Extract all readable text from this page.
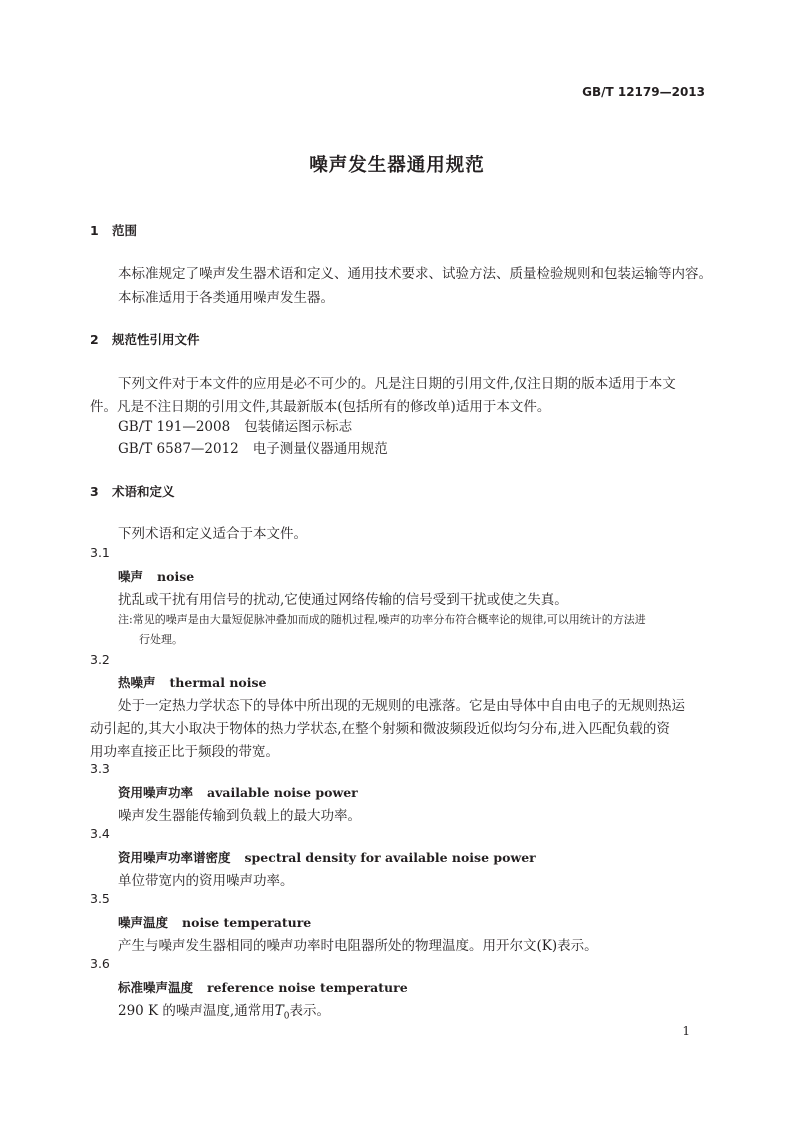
GB/T 12179—2013
噪声发生器通用规范
1 范围
本标准规定了噪声发生器术语和定义、通用技术要求、试验方法、质量检验规则和包装运输等内容。
本标准适用于各类通用噪声发生器。
2 规范性引用文件
下列文件对于本文件的应用是必不可少的。凡是注日期的引用文件,仅注日期的版本适用于本文
件。凡是不注日期的引用文件,其最新版本(包括所有的修改单)适用于本文件。
GB/T 191—2008 包装储运图示标志
GB/T 6587—2012 电子测量仪器通用规范
3 术语和定义
下列术语和定义适合于本文件。
3.1
噪声 noise
扰乱或干扰有用信号的扰动,它使通过网络传输的信号受到干扰或使之失真。
注:常见的噪声是由大量短促脉冲叠加而成的随机过程,噪声的功率分布符合概率论的规律,可以用统计的方法进
行处理。
3.2
热噪声 thermal noise
处于一定热力学状态下的导体中所出现的无规则的电涨落。它是由导体中自由电子的无规则热运
动引起的,其大小取决于物体的热力学状态,在整个射频和微波频段近似均匀分布,进入匹配负载的资
用功率直接正比于频段的带宽。
3.3
资用噪声功率 available noise power
噪声发生器能传输到负载上的最大功率。
3.4
资用噪声功率谱密度 spectral density for available noise power
单位带宽内的资用噪声功率。
3.5
噪声温度 noise temperature
产生与噪声发生器相同的噪声功率时电阻器所处的物理温度。用开尔文(K)表示。
3.6
标准噪声温度 reference noise temperature
290 K 的噪声温度,通常用$T_0$表示。
1
